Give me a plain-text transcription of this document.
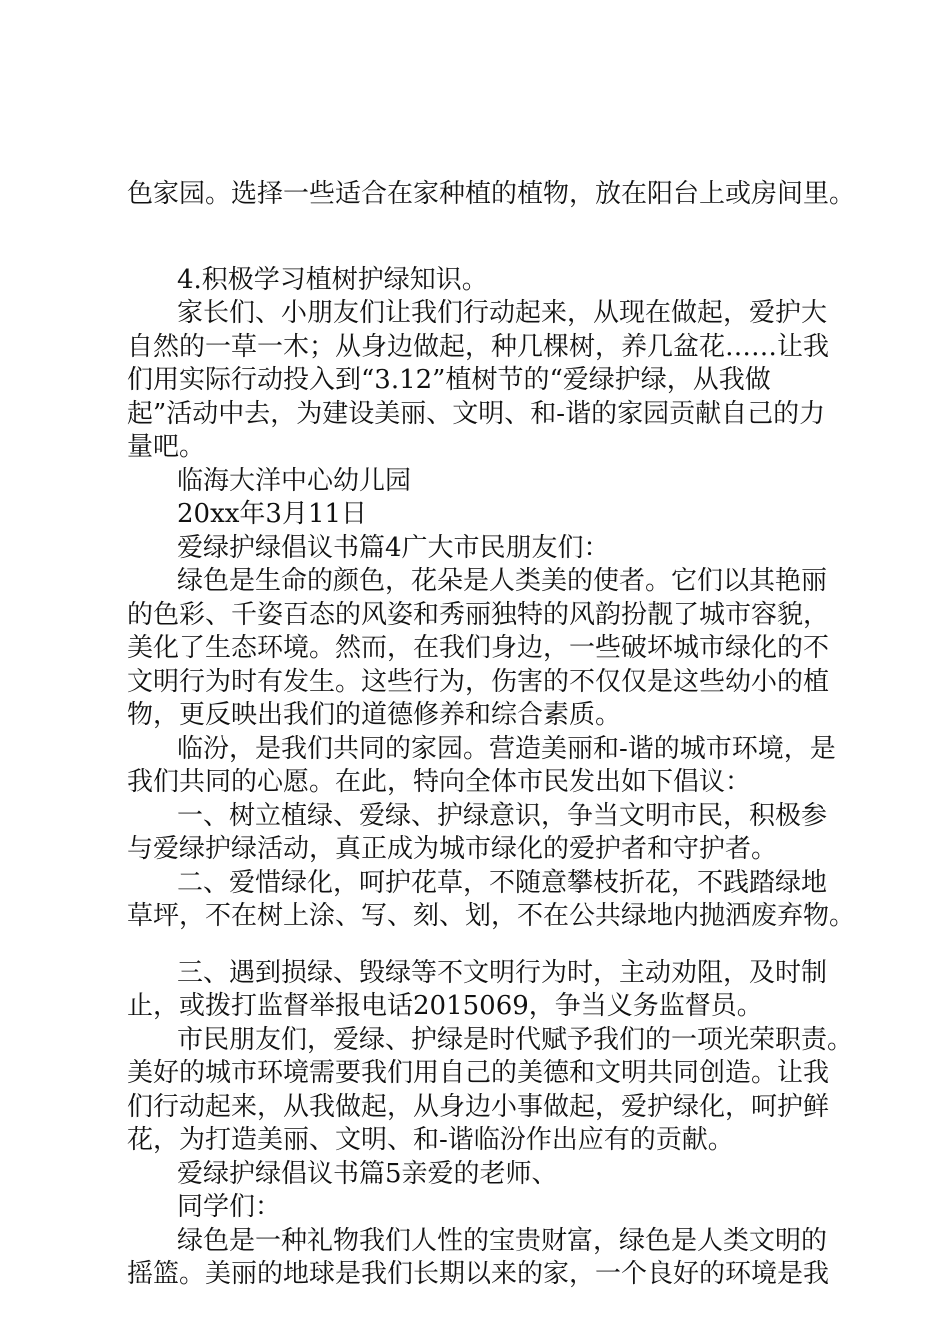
色家园。选择一些适合在家种植的植物，放在阳台上或房间里。
4.积极学习植树护绿知识。
家长们、小朋友们让我们行动起来，从现在做起，爱护大
自然的一草一木；从身边做起，种几棵树，养几盆花……让我
们用实际行动投入到“3.12”植树节的“爱绿护绿，从我做
起”活动中去，为建设美丽、文明、和-谐的家园贡献自己的力
量吧。
临海大洋中心幼儿园
20xx年3月11日
爱绿护绿倡议书篇4广大市民朋友们：
绿色是生命的颜色，花朵是人类美的使者。它们以其艳丽
的色彩、千姿百态的风姿和秀丽独特的风韵扮靓了城市容貌，
美化了生态环境。然而，在我们身边，一些破坏城市绿化的不
文明行为时有发生。这些行为，伤害的不仅仅是这些幼小的植
物，更反映出我们的道德修养和综合素质。
临汾，是我们共同的家园。营造美丽和-谐的城市环境，是
我们共同的心愿。在此，特向全体市民发出如下倡议：
一、树立植绿、爱绿、护绿意识，争当文明市民，积极参
与爱绿护绿活动，真正成为城市绿化的爱护者和守护者。
二、爱惜绿化，呵护花草，不随意攀枝折花，不践踏绿地
草坪，不在树上涂、写、刻、划，不在公共绿地内抛洒废弃物。
三、遇到损绿、毁绿等不文明行为时，主动劝阻，及时制
止，或拨打监督举报电话2015069，争当义务监督员。
市民朋友们，爱绿、护绿是时代赋予我们的一项光荣职责。
美好的城市环境需要我们用自己的美德和文明共同创造。让我
们行动起来，从我做起，从身边小事做起，爱护绿化，呵护鲜
花，为打造美丽、文明、和-谐临汾作出应有的贡献。
爱绿护绿倡议书篇5亲爱的老师、
同学们：
绿色是一种礼物我们人性的宝贵财富，绿色是人类文明的
摇篮。美丽的地球是我们长期以来的家，一个良好的环境是我
